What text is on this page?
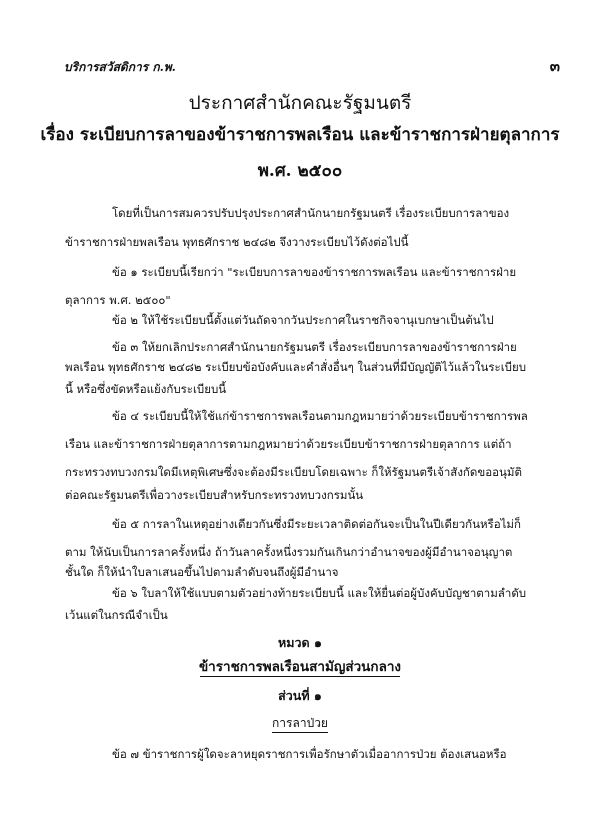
บริการสวัสดิการ ก.พ.	๓
ประกาศสำนักคณะรัฐมนตรี
เรื่อง ระเบียบการลาของข้าราชการพลเรือน และข้าราชการฝ่ายตุลาการ
พ.ศ. ๒๕๐๐
โดยที่เป็นการสมควรปรับปรุงประกาศสำนักนายกรัฐมนตรี เรื่องระเบียบการลาของ
ข้าราชการฝ่ายพลเรือน พุทธศักราช ๒๔๘๒ จึงวางระเบียบไว้ดังต่อไปนี้
ข้อ ๑ ระเบียบนี้เรียกว่า "ระเบียบการลาของข้าราชการพลเรือน และข้าราชการฝ่าย
ตุลาการ พ.ศ. ๒๕๐๐"
ข้อ ๒ ให้ใช้ระเบียบนี้ตั้งแต่วันถัดจากวันประกาศในราชกิจจานุเบกษาเป็นต้นไป
ข้อ ๓ ให้ยกเลิกประกาศสำนักนายกรัฐมนตรี เรื่องระเบียบการลาของข้าราชการฝ่าย
พลเรือน พุทธศักราช ๒๔๘๒ ระเบียบข้อบังคับและคำสั่งอื่นๆ ในส่วนที่มีบัญญัติไว้แล้วในระเบียบ
นี้ หรือซึ่งขัดหรือแย้งกับระเบียบนี้
ข้อ ๔ ระเบียบนี้ให้ใช้แก่ข้าราชการพลเรือนตามกฎหมายว่าด้วยระเบียบข้าราชการพล
เรือน และข้าราชการฝ่ายตุลาการตามกฎหมายว่าด้วยระเบียบข้าราชการฝ่ายตุลาการ แต่ถ้า
กระทรวงทบวงกรมใดมีเหตุพิเศษซึ่งจะต้องมีระเบียบโดยเฉพาะ ก็ให้รัฐมนตรีเจ้าสังกัดขออนุมัติ
ต่อคณะรัฐมนตรีเพื่อวางระเบียบสำหรับกระทรวงทบวงกรมนั้น
ข้อ ๕ การลาในเหตุอย่างเดียวกันซึ่งมีระยะเวลาติดต่อกันจะเป็นในปีเดียวกันหรือไม่ก็
ตาม ให้นับเป็นการลาครั้งหนึ่ง ถ้าวันลาครั้งหนึ่งรวมกันเกินกว่าอำนาจของผู้มีอำนาจอนุญาต
ชั้นใด ก็ให้นำใบลาเสนอขึ้นไปตามลำดับจนถึงผู้มีอำนาจ
ข้อ ๖ ใบลาให้ใช้แบบตามตัวอย่างท้ายระเบียบนี้ และให้ยื่นต่อผู้บังคับบัญชาตามลำดับ
เว้นแต่ในกรณีจำเป็น
หมวด ๑
ข้าราชการพลเรือนสามัญส่วนกลาง
ส่วนที่ ๑
การลาป่วย
ข้อ ๗ ข้าราชการผู้ใดจะลาหยุดราชการเพื่อรักษาตัวเมื่ออาการป่วย ต้องเสนอหรือ
